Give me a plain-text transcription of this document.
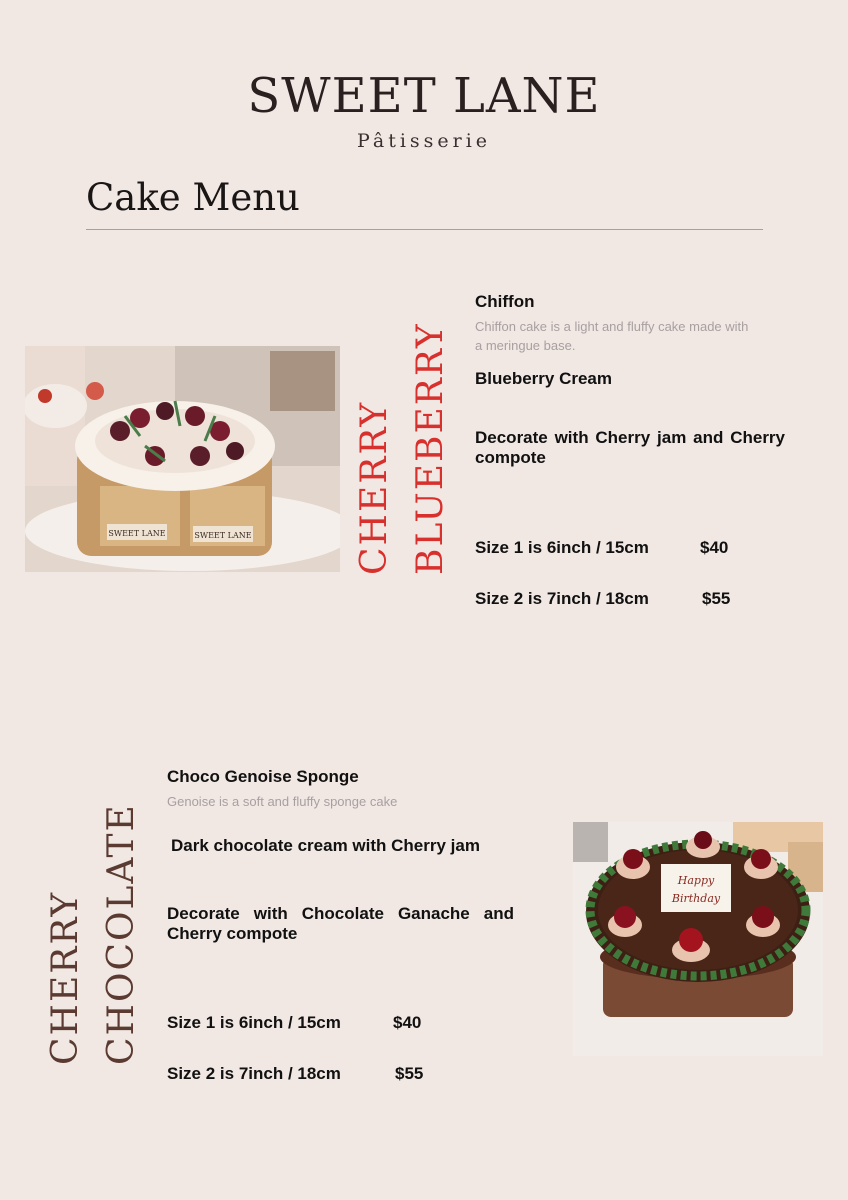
SWEET LANE
Pâtisserie
Cake Menu
SWEET LANE	SWEET LANE	CHERRY BLUEBERRY
Chiffon
Chiffon cake is a light and fluffy cake made with a meringue base.
Blueberry Cream
Decorate with Cherry jam and Cherry compote
Size 1 is 6inch / 15cm	$40
Size 2 is 7inch / 18cm	$55
CHERRY CHOCOLATE
Choco Genoise Sponge
Genoise is a soft and fluffy sponge cake
Dark chocolate cream with Cherry jam
Decorate with Chocolate Ganache and Cherry compote
Size 1 is 6inch / 15cm	$40
Size 2 is 7inch / 18cm	$55
Happy
Birthday
